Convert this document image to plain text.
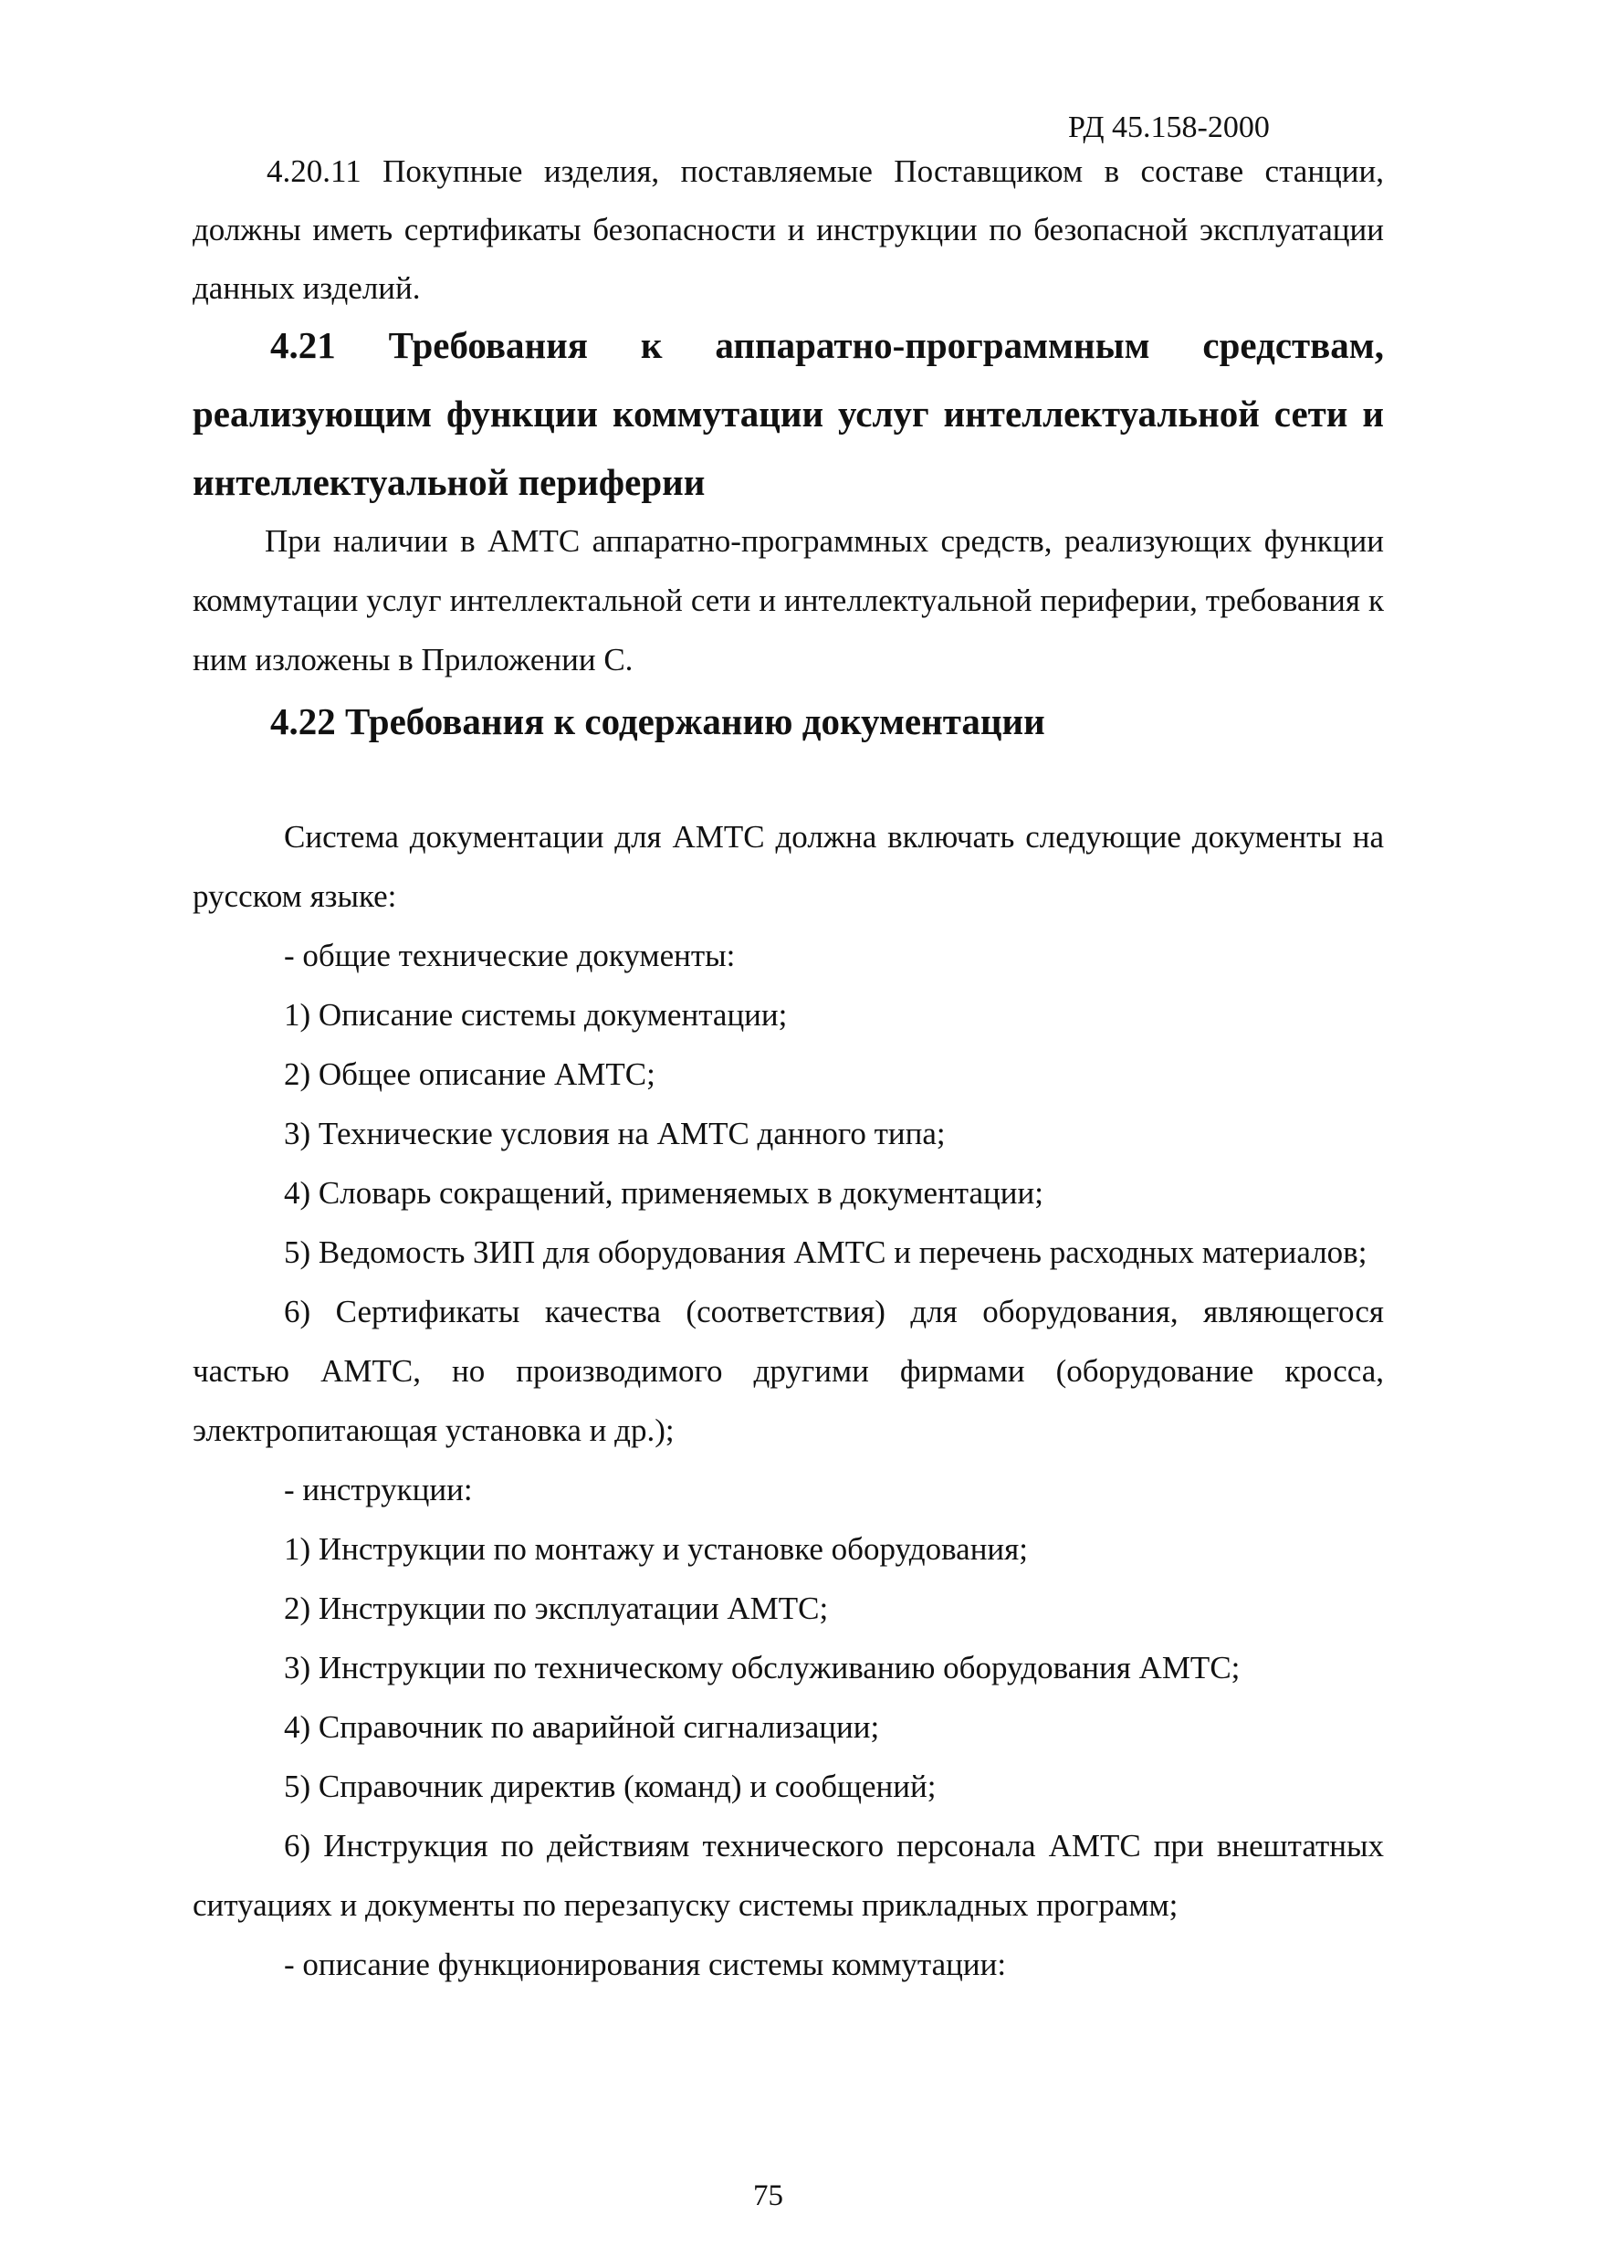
РД 45.158-2000
4.20.11 Покупные изделия, поставляемые Поставщиком в составе станции,
должны иметь сертификаты безопасности и инструкции по безопасной эксплуатации
данных изделий.
4.21 Требования к аппаратно-программным средствам,
реализующим функции коммутации услуг интеллектуальной сети и
интеллектуальной периферии
При наличии в АМТС аппаратно-программных средств, реализующих функции
коммутации услуг интеллектальной сети и интеллектуальной периферии, требования к
ним изложены в Приложении С.
4.22 Требования к содержанию документации
Система документации для АМТС должна включать следующие документы на
русском языке:
- общие технические документы:
1) Описание системы документации;
2) Общее описание АМТС;
3) Технические условия на АМТС данного типа;
4) Словарь сокращений, применяемых в документации;
5) Ведомость ЗИП для оборудования АМТС и перечень расходных материалов;
6) Сертификаты качества (соответствия) для оборудования, являющегося
частью АМТС, но производимого другими фирмами (оборудование кросса,
электропитающая установка и др.);
- инструкции:
1) Инструкции по монтажу и установке оборудования;
2) Инструкции по эксплуатации АМТС;
3) Инструкции по техническому обслуживанию оборудования АМТС;
4) Справочник по аварийной сигнализации;
5) Справочник директив (команд) и сообщений;
6) Инструкция по действиям технического персонала АМТС при внештатных
ситуациях и документы по перезапуску системы прикладных программ;
- описание функционирования системы коммутации:
75
